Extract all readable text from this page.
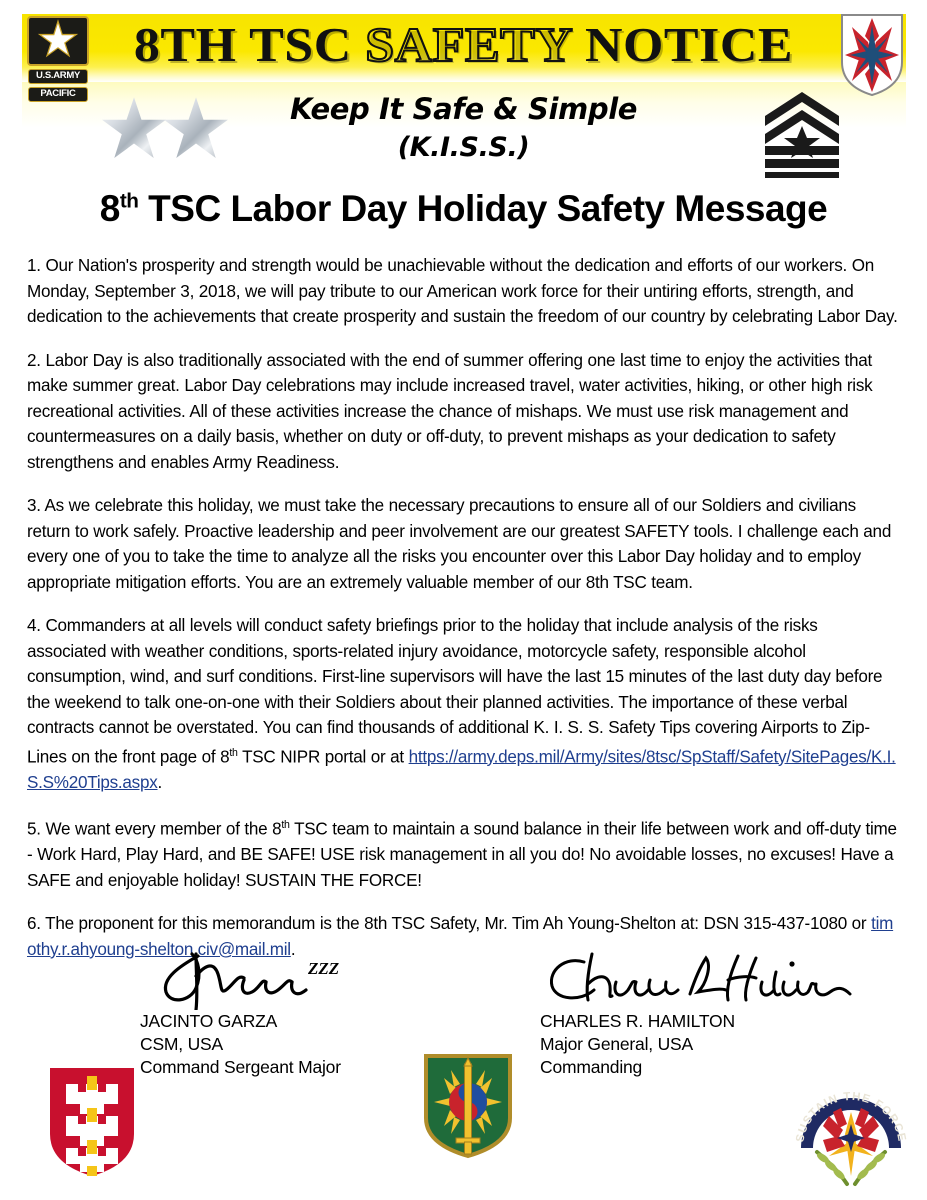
8TH TSC SAFETY NOTICE
U.S.ARMY
PACIFIC	Keep It Safe & Simple
(K.I.S.S.)
8th TSC Labor Day Holiday Safety Message

1. Our Nation's prosperity and strength would be unachievable without the dedication and efforts of our workers. On Monday, September 3, 2018, we will pay tribute to our American work force for their untiring efforts, strength, and dedication to the achievements that create prosperity and sustain the freedom of our country by celebrating Labor Day.

2. Labor Day is also traditionally associated with the end of summer offering one last time to enjoy the activities that make summer great. Labor Day celebrations may include increased travel, water activities, hiking, or other high risk recreational activities. All of these activities increase the chance of mishaps. We must use risk management and countermeasures on a daily basis, whether on duty or off-duty, to prevent mishaps as your dedication to safety strengthens and enables Army Readiness.

3. As we celebrate this holiday, we must take the necessary precautions to ensure all of our Soldiers and civilians return to work safely. Proactive leadership and peer involvement are our greatest SAFETY tools. I challenge each and every one of you to take the time to analyze all the risks you encounter over this Labor Day holiday and to employ appropriate mitigation efforts. You are an extremely valuable member of our 8th TSC team.

4. Commanders at all levels will conduct safety briefings prior to the holiday that include analysis of the risks associated with weather conditions, sports-related injury avoidance, motorcycle safety, responsible alcohol consumption, wind, and surf conditions. First-line supervisors will have the last 15 minutes of the last duty day before the weekend to talk one-on-one with their Soldiers about their planned activities. The importance of these verbal contracts cannot be overstated. You can find thousands of additional K. I. S. S. Safety Tips covering Airports to Zip-Lines on the front page of 8th TSC NIPR portal or at https://army.deps.mil/Army/sites/8tsc/SpStaff/Safety/SitePages/K.I.S.S%20Tips.aspx.

5. We want every member of the 8th TSC team to maintain a sound balance in their life between work and off-duty time - Work Hard, Play Hard, and BE SAFE! USE risk management in all you do! No avoidable losses, no excuses! Have a SAFE and enjoyable holiday! SUSTAIN THE FORCE!

6. The proponent for this memorandum is the 8th TSC Safety, Mr. Tim Ah Young-Shelton at: DSN 315-437-1080 or timothy.r.ahyoung-shelton.civ@mail.mil.

ZZZ
JACINTO GARZA
CSM, USA
Command Sergeant Major
CHARLES R. HAMILTON
Major General, USA
Commanding
SUSTAIN THE FORCE
